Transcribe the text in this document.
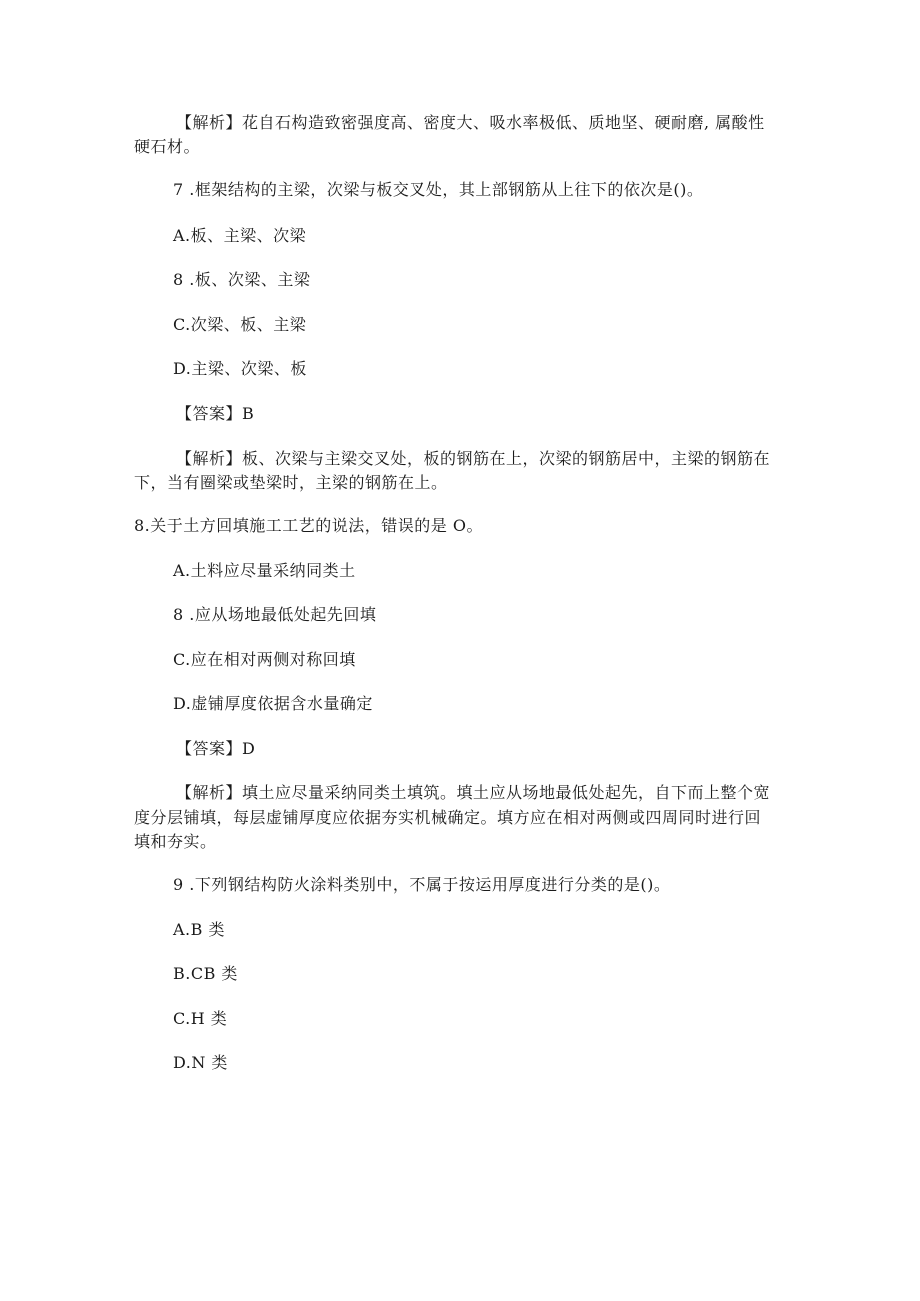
【解析】花自石构造致密强度高、密度大、吸水率极低、质地坚、硬耐磨, 属酸性
硬石材。
7 .框架结构的主梁，次梁与板交叉处，其上部钢筋从上往下的依次是()。
A.板、主梁、次梁
8 .板、次梁、主梁
C.次梁、板、主梁
D.主梁、次梁、板
【答案】B
【解析】板、次梁与主梁交叉处，板的钢筋在上，次梁的钢筋居中，主梁的钢筋在
下，当有圈梁或垫梁时，主梁的钢筋在上。
8.关于土方回填施工工艺的说法，错误的是 O。
A.土料应尽量采纳同类土
8 .应从场地最低处起先回填
C.应在相对两侧对称回填
D.虚铺厚度依据含水量确定
【答案】D
【解析】填土应尽量采纳同类土填筑。填土应从场地最低处起先，自下而上整个宽
度分层铺填，每层虚铺厚度应依据夯实机械确定。填方应在相对两侧或四周同时进行回
填和夯实。
9 .下列钢结构防火涂料类别中，不属于按运用厚度进行分类的是()。
A.B 类
B.CB 类
C.H 类
D.N 类
